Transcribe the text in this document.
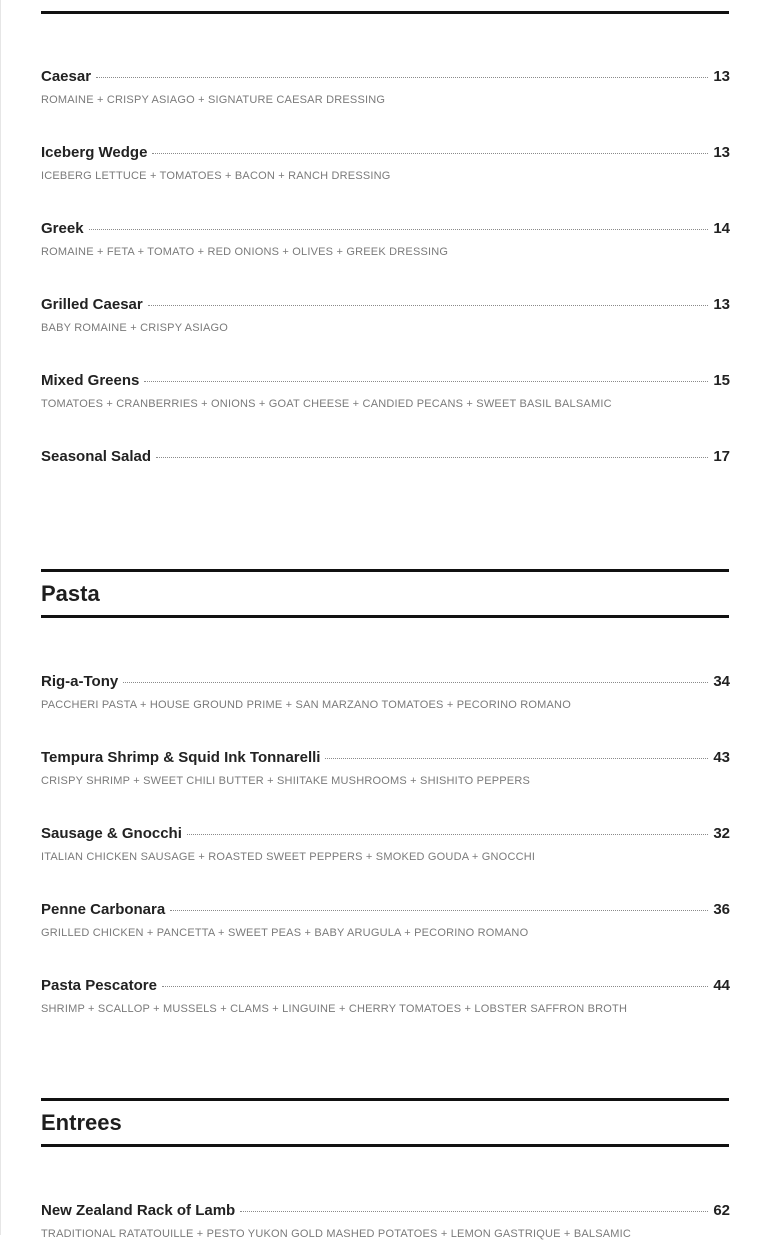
Caesar	13
ROMAINE + CRISPY ASIAGO + SIGNATURE CAESAR DRESSING
Iceberg Wedge	13
ICEBERG LETTUCE + TOMATOES + BACON + RANCH DRESSING
Greek	14
ROMAINE + FETA + TOMATO + RED ONIONS + OLIVES + GREEK DRESSING
Grilled Caesar	13
BABY ROMAINE + CRISPY ASIAGO
Mixed Greens	15
TOMATOES + CRANBERRIES + ONIONS + GOAT CHEESE + CANDIED PECANS + SWEET BASIL BALSAMIC
Seasonal Salad	17
Pasta
Rig-a-Tony	34
PACCHERI PASTA + HOUSE GROUND PRIME + SAN MARZANO TOMATOES + PECORINO ROMANO
Tempura Shrimp & Squid Ink Tonnarelli	43
CRISPY SHRIMP + SWEET CHILI BUTTER + SHIITAKE MUSHROOMS + SHISHITO PEPPERS
Sausage & Gnocchi	32
ITALIAN CHICKEN SAUSAGE + ROASTED SWEET PEPPERS + SMOKED GOUDA + GNOCCHI
Penne Carbonara	36
GRILLED CHICKEN + PANCETTA + SWEET PEAS + BABY ARUGULA + PECORINO ROMANO
Pasta Pescatore	44
SHRIMP + SCALLOP + MUSSELS + CLAMS + LINGUINE + CHERRY TOMATOES + LOBSTER SAFFRON BROTH
Entrees
New Zealand Rack of Lamb	62
TRADITIONAL RATATOUILLE + PESTO YUKON GOLD MASHED POTATOES + LEMON GASTRIQUE + BALSAMIC
